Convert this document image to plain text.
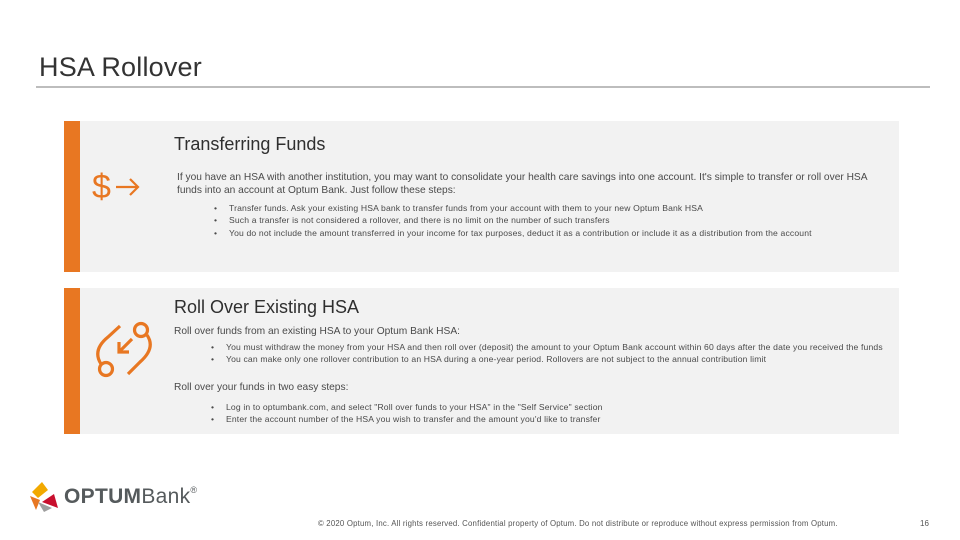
HSA Rollover
$
Transferring Funds
If you have an HSA with another institution, you may want to consolidate your health care savings into one account. It's simple to transfer or roll over HSA funds into an account at Optum Bank. Just follow these steps:
• Transfer funds. Ask your existing HSA bank to transfer funds from your account with them to your new Optum Bank HSA
• Such a transfer is not considered a rollover, and there is no limit on the number of such transfers
• You do not include the amount transferred in your income for tax purposes, deduct it as a contribution or include it as a distribution from the account
Roll Over Existing HSA
Roll over funds from an existing HSA to your Optum Bank HSA:
• You must withdraw the money from your HSA and then roll over (deposit) the amount to your Optum Bank account within 60 days after the date you received the funds
• You can make only one rollover contribution to an HSA during a one-year period. Rollovers are not subject to the annual contribution limit
Roll over your funds in two easy steps:
• Log in to optumbank.com, and select "Roll over funds to your HSA" in the "Self Service" section
• Enter the account number of the HSA you wish to transfer and the amount you'd like to transfer
OPTUMBank®
© 2020 Optum, Inc. All rights reserved. Confidential property of Optum. Do not distribute or reproduce without express permission from Optum.	16
